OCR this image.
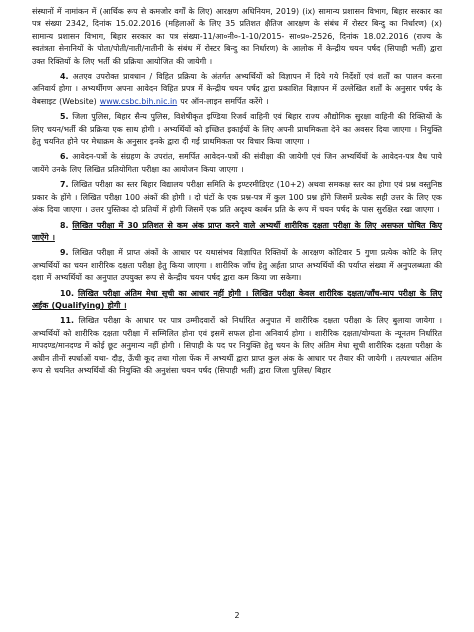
संस्थानों में नामांकन में (आर्थिक रूप से कमजोर वर्गों के लिए) आरक्षण अधिनियम, 2019) (ix) सामान्य प्रशासन विभाग, बिहार सरकार का पत्र संख्या 2342, दिनांक 15.02.2016 (महिलाओं के लिए 35 प्रतिशत क्षैतिज आरक्षण के संबंध में रोस्टर बिन्दु का निर्धारण) (x) सामान्य प्रशासन विभाग, बिहार सरकार का पत्र संख्या-11/आ०नी०-1-10/2015- सा०प्र०-2526, दिनांक 18.02.2016 (राज्य के स्वतंत्रता सेनानियों के पोता/पोती/नाती/नातीनी के संबंध में रोस्टर बिन्दु का निर्धारण) के आलोक में केन्द्रीय चयन पर्षद (सिपाही भर्ती) द्वारा उक्त रिक्तियों के लिए भर्ती की प्रक्रिया आयोजित की जायेगी ।

4. अतएव उपरोक्त प्रावधान / विहित प्रक्रिया के अंतर्गत अभ्यर्थियों को विज्ञापन में दिये गये निर्देशों एवं शर्तों का पालन करना अनिवार्य होगा । अभ्यर्थीगण अपना आवेदन विहित प्रपत्र में केन्द्रीय चयन पर्षद द्वारा प्रकाशित विज्ञापन में उल्लेखित शर्तों के अनुसार पर्षद के वेबसाइट (Website) www.csbc.bih.nic.in पर ऑन-लाइन समर्पित करेंगे ।

5. जिला पुलिस, बिहार सैन्य पुलिस, विशेषीकृत इण्डिया रिजर्व वाहिनी एवं बिहार राज्य औद्योगिक सुरक्षा वाहिनी की रिक्तियों के लिए चयन/भर्ती की प्रक्रिया एक साथ होगी । अभ्यर्थियों को इच्छित इकाईयों के लिए अपनी प्राथमिकता देने का अवसर दिया जाएगा । नियुक्ति हेतु चयनित होने पर मेधाक्रम के अनुसार इनके द्वारा दी गई प्राथमिकता पर विचार किया जाएगा ।

6. आवेदन-पत्रों के संग्रहण के उपरांत, समर्पित आवेदन-पत्रों की संवीक्षा की जायेगी एवं जिन अभ्यर्थियों के आवेदन-पत्र वैध पाये जायेंगे उनके लिए लिखित प्रतियोगिता परीक्षा का आयोजन किया जाएगा ।

7. लिखित परीक्षा का स्तर बिहार विद्यालय परीक्षा समिति के इण्टरमीडिएट (10+2) अथवा समकक्ष स्तर का होगा एवं प्रश्न वस्तुनिष्ठ प्रकार के होंगे । लिखित परीक्षा 100 अंकों की होगी । दो घंटों के एक प्रश्न-पत्र में कुल 100 प्रश्न होंगे जिसमें प्रत्येक सही उत्तर के लिए एक अंक दिया जाएगा । उत्तर पुस्तिका दो प्रतियों में होगी जिसमें एक प्रति अदृश्य कार्बन प्रति के रूप में चयन पर्षद के पास सुरक्षित रखा जाएगा ।

8. लिखित परीक्षा में 30 प्रतिशत से कम अंक प्राप्त करने वाले अभ्यर्थी शारीरिक दक्षता परीक्षा के लिए असफल घोषित किए जाऐंगे ।

9. लिखित परीक्षा में प्राप्त अंकों के आधार पर यथासंभव विज्ञापित रिक्तियों के आरक्षण कोटिवार 5 गुणा प्रत्येक कोटि के लिए अभ्यर्थियों का चयन शारीरिक दक्षता परीक्षा हेतु किया जाएगा । शारीरिक जाँच हेतु अर्हता प्राप्त अभ्यर्थियों की पर्याप्त संख्या में अनुपलब्धता की दशा में अभ्यर्थियों का अनुपात उपयुक्त रूप से केन्द्रीय चयन पर्षद द्वारा कम किया जा सकेगा।

10. लिखित परीक्षा अंतिम मेधा सूची का आधार नहीं होगी । लिखित परीक्षा केवल शारीरिक दक्षता/जाँच-माप परीक्षा के लिए अर्हक (Qualifying) होगी ।

11. लिखित परीक्षा के आधार पर पात्र उम्मीदवारों को निर्धारित अनुपात में शारीरिक दक्षता परीक्षा के लिए बुलाया जायेगा । अभ्यर्थियों को शारीरिक दक्षता परीक्षा में सम्मिलित होना एवं इसमें सफल होना अनिवार्य होगा । शारीरिक दक्षता/योग्यता के न्यूनतम निर्धारित मापदण्ड/मानदण्ड में कोई छूट अनुमान्य नहीं होगी । सिपाही के पद पर नियुक्ति हेतु चयन के लिए अंतिम मेधा सूची शारीरिक दक्षता परीक्षा के अधीन तीनों स्पर्धाओं यथा- दौड़, ऊँची कूद तथा गोला फेंक में अभ्यर्थी द्वारा प्राप्त कुल अंक के आधार पर तैयार की जायेगी । तत्पश्चात अंतिम रूप से चयनित अभ्यर्थियों की नियुक्ति की अनुशंसा चयन पर्षद (सिपाही भर्ती) द्वारा जिला पुलिस/ बिहार

2
